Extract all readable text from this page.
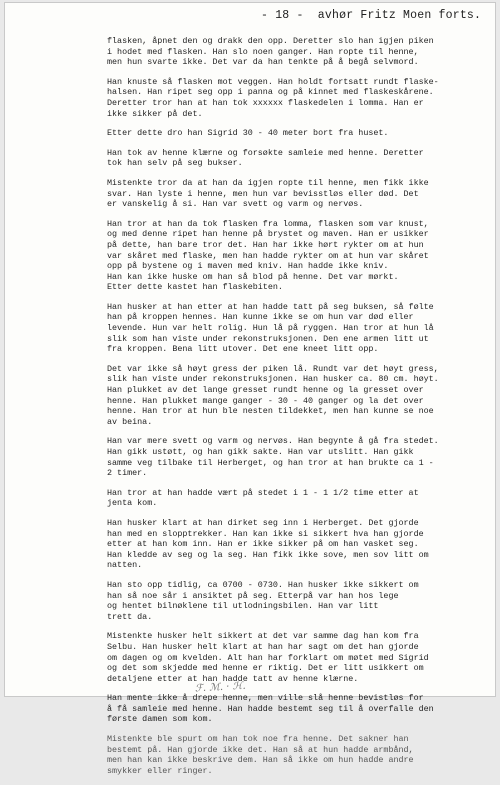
- 18 -  avhør Fritz Moen forts.

flasken, åpnet den og drakk den opp. Deretter slo han igjen piken
i hodet med flasken. Han slo noen ganger. Han ropte til henne,
men hun svarte ikke. Det var da han tenkte på å begå selvmord.

Han knuste så flasken mot veggen. Han holdt fortsatt rundt flaske-
halsen. Han ripet seg opp i panna og på kinnet med flaskeskårene.
Deretter tror han at han tok xxxxxx flaskedelen i lomma. Han er
ikke sikker på det.

Etter dette dro han Sigrid 30 - 40 meter bort fra huset.

Han tok av henne klærne og forsøkte samleie med henne. Deretter
tok han selv på seg bukser.

Mistenkte tror da at han da igjen ropte til henne, men fikk ikke
svar. Han lyste i henne, men hun var bevisstløs eller død. Det
er vanskelig å si. Han var svett og varm og nervøs.

Han tror at han da tok flasken fra lomma, flasken som var knust,
og med denne ripet han henne på brystet og maven. Han er usikker
på dette, han bare tror det. Han har ikke hørt rykter om at hun
var skåret med flaske, men han hadde rykter om at hun var skåret
opp på bystene og i maven med kniv. Han hadde ikke kniv.
Han kan ikke huske om han så blod på henne. Det var mørkt.
Etter dette kastet han flaskebiten.

Han husker at han etter at han hadde tatt på seg buksen, så følte
han på kroppen hennes. Han kunne ikke se om hun var død eller
levende. Hun var helt rolig. Hun lå på ryggen. Han tror at hun lå
slik som han viste under rekonstruksjonen. Den ene armen litt ut
fra kroppen. Bena litt utover. Det ene kneet litt opp.

Det var ikke så høyt gress der piken lå. Rundt var det høyt gress,
slik han viste under rekonstruksjonen. Han husker ca. 80 cm. høyt.
Han plukket av det lange gresset rundt henne og la gresset over
henne. Han plukket mange ganger - 30 - 40 ganger og la det over
henne. Han tror at hun ble nesten tildekket, men han kunne se noe
av beina.

Han var mere svett og varm og nervøs. Han begynte å gå fra stedet.
Han gikk ustøtt, og han gikk sakte. Han var utslitt. Han gikk
samme veg tilbake til Herberget, og han tror at han brukte ca 1 -
2 timer.

Han tror at han hadde vært på stedet i 1 - 1 1/2 time etter at
jenta kom.

Han husker klart at han dirket seg inn i Herberget. Det gjorde
han med en slopptrekker. Han kan ikke si sikkert hva han gjorde
etter at han kom inn. Han er ikke sikker på om han vasket seg.
Han kledde av seg og la seg. Han fikk ikke sove, men sov litt om
natten.

Han sto opp tidlig, ca 0700 - 0730. Han husker ikke sikkert om
han så noe sår i ansiktet på seg. Etterpå var han hos lege
og hentet bilnøklene til utlodningsbilen. Han var litt
trett da.

Mistenkte husker helt sikkert at det var samme dag han kom fra
Selbu. Han husker helt klart at han har sagt om det han gjorde
om dagen og om kvelden. Alt han har forklart om møtet med Sigrid
og det som skjedde med henne er riktig. Det er litt usikkert om
detaljene etter at han hadde tatt av henne klærne.

Han mente ikke å drepe henne, men ville slå henne bevistløs for
å få samleie med henne. Han hadde bestemt seg til å overfalle den
første damen som kom.

Mistenkte ble spurt om han tok noe fra henne. Det sakner han
bestemt på. Han gjorde ikke det. Han så at hun hadde armbånd,
men han kan ikke beskrive dem. Han så ikke om hun hadde andre
smykker eller ringer.

ℱ. ℳ. · ℋ.
